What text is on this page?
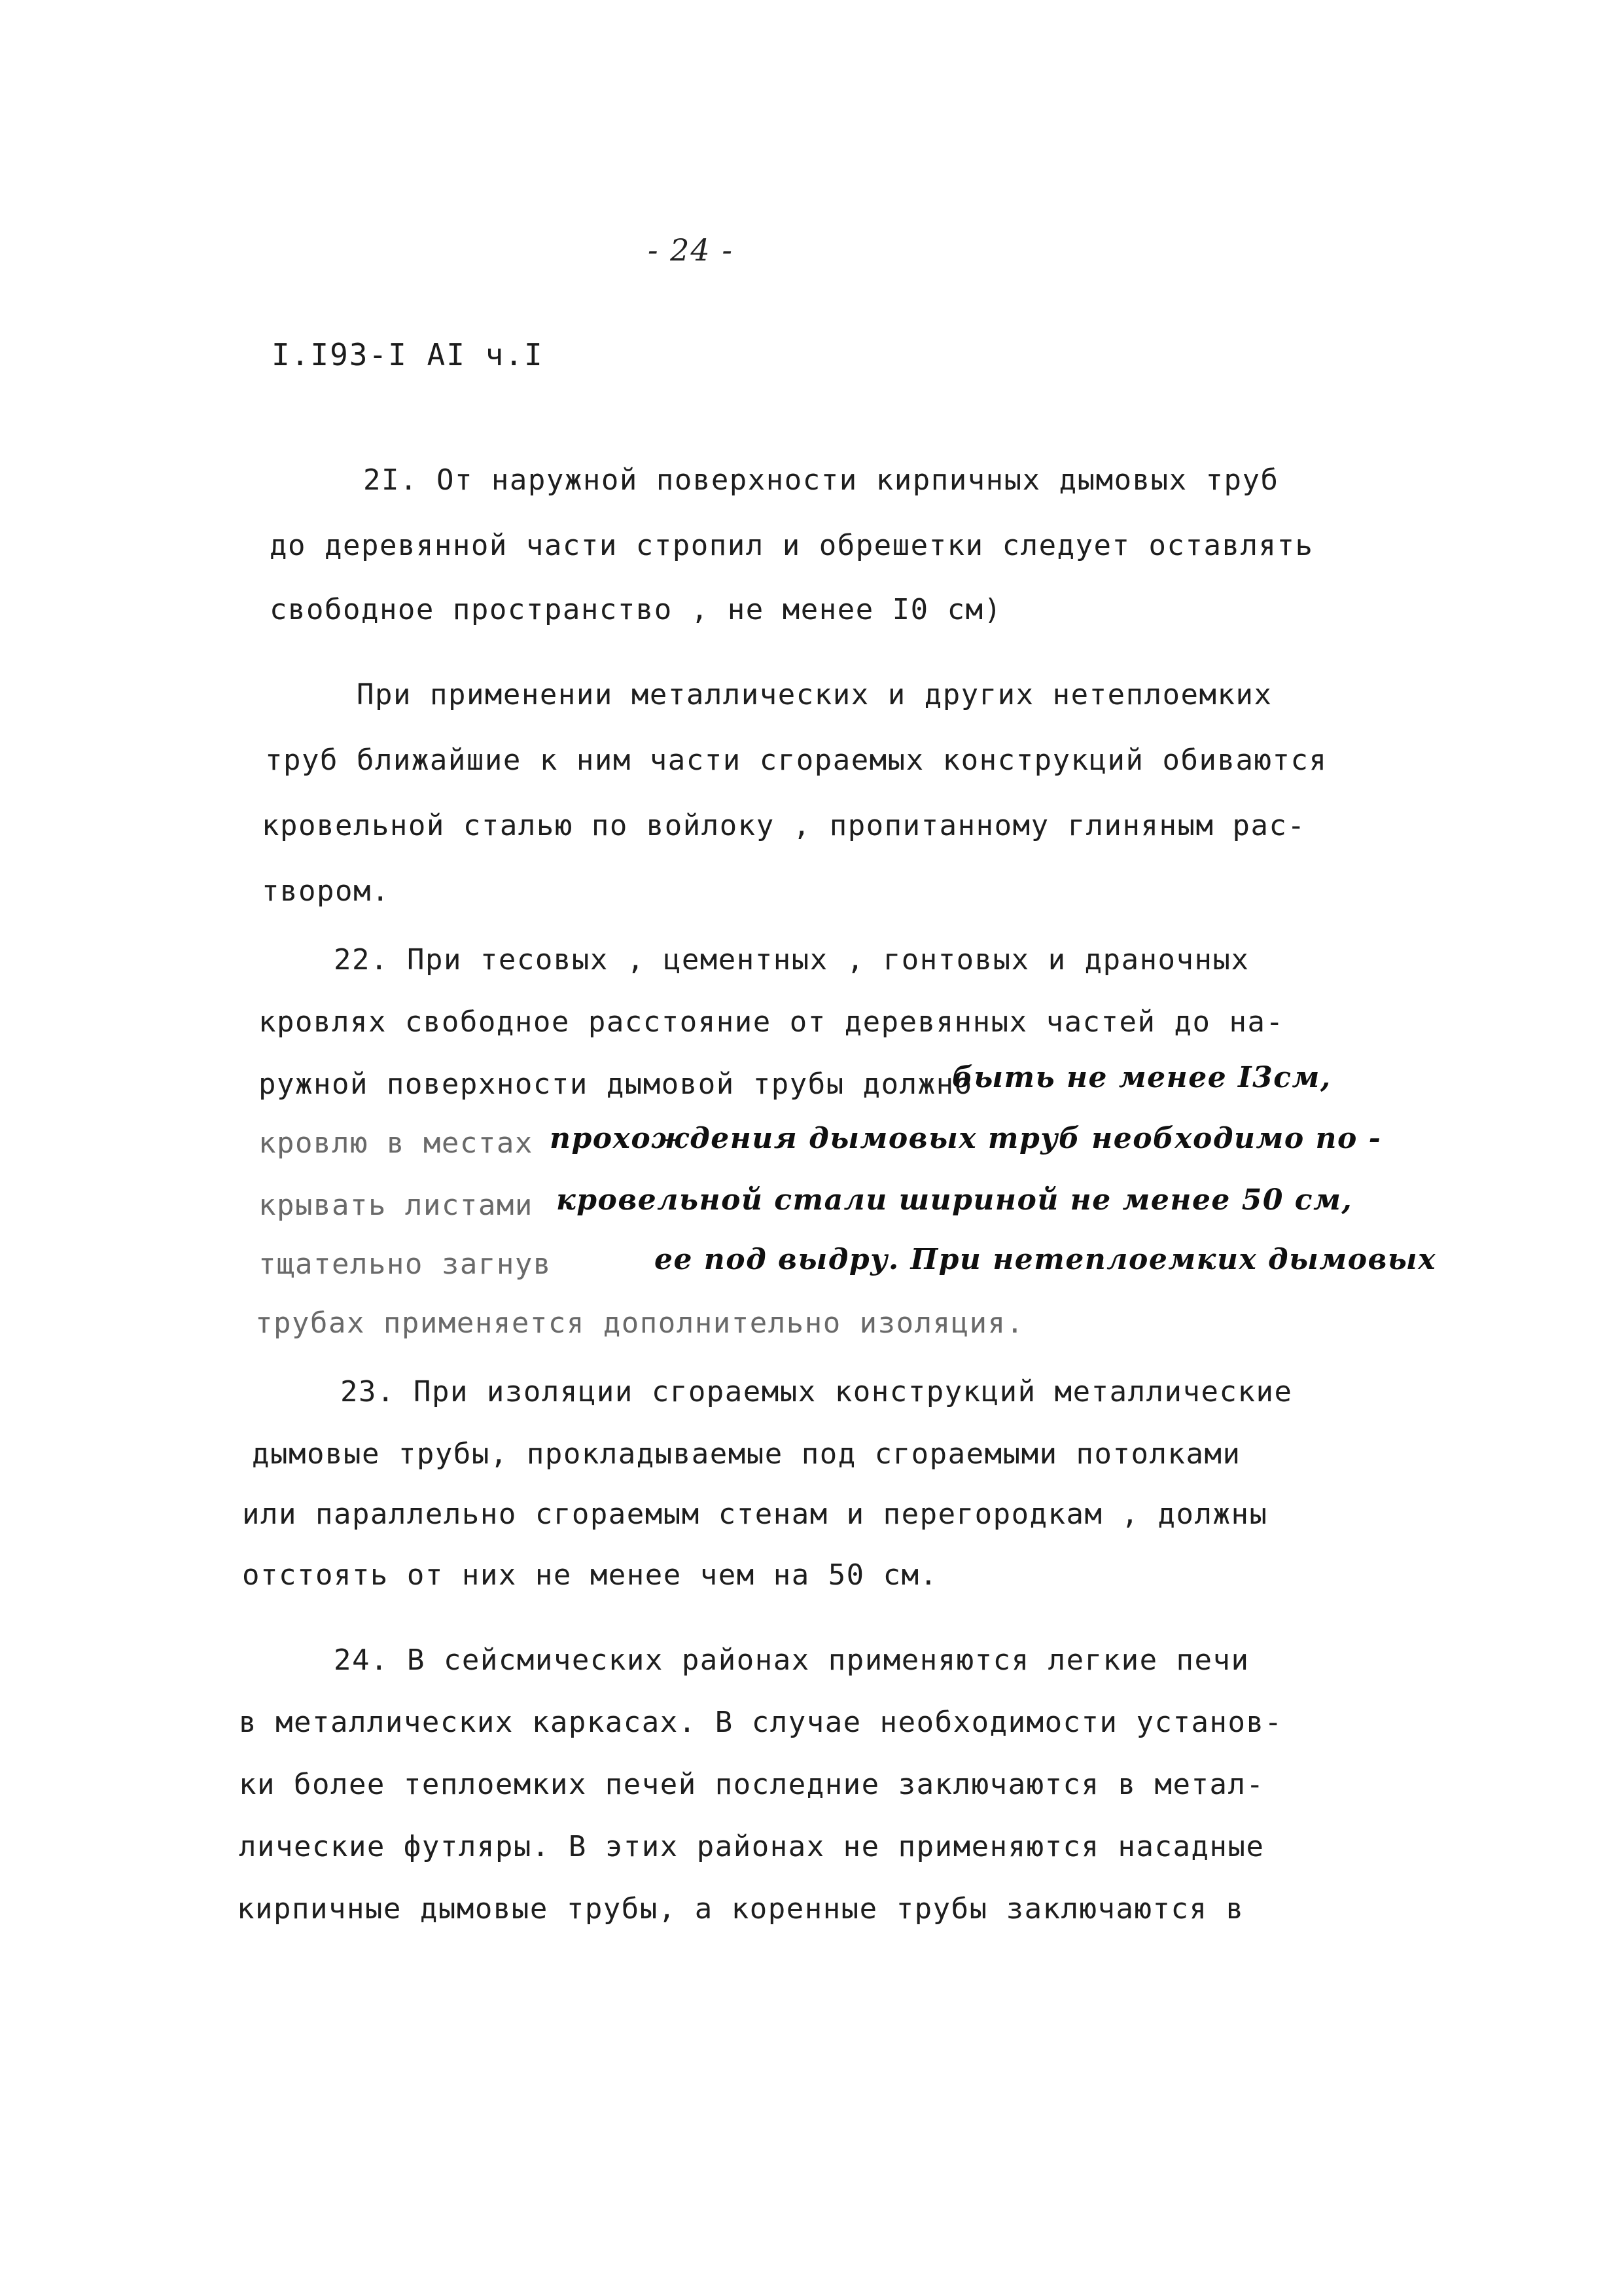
- 24 -
I.I93-I AI ч.I
2I. От наружной поверхности кирпичных дымовых труб
до деревянной части стропил и обрешетки следует оставлять
свободное пространство , не менее I0 см)
При применении металлических и других нетеплоемких
труб ближайшие к ним части сгораемых конструкций обиваются
кровельной сталью по войлоку , пропитанному глиняным рас-
твором.
22. При тесовых , цементных , гонтовых и драночных
кровлях свободное расстояние от деревянных частей до на-
ружной поверхности дымовой трубы должно
быть не менее I3см,
кровлю в местах прохождения дымовых труб необходимо по -
крывать листами кровельной стали шириной не менее 50 см,
тщательно загнув	ее под выдру. При нетеплоемких дымовых
трубах применяется дополнительно изоляция.
23. При изоляции сгораемых конструкций металлические
дымовые трубы, прокладываемые под сгораемыми потолками
или параллельно сгораемым стенам и перегородкам , должны
отстоять от них не менее чем на 50 см.
24. В сейсмических районах применяются легкие печи
в металлических каркасах. В случае необходимости установ-
ки более теплоемких печей последние заключаются в метал-
лические футляры. В этих районах не применяются насадные
кирпичные дымовые трубы, а коренные трубы заключаются в
